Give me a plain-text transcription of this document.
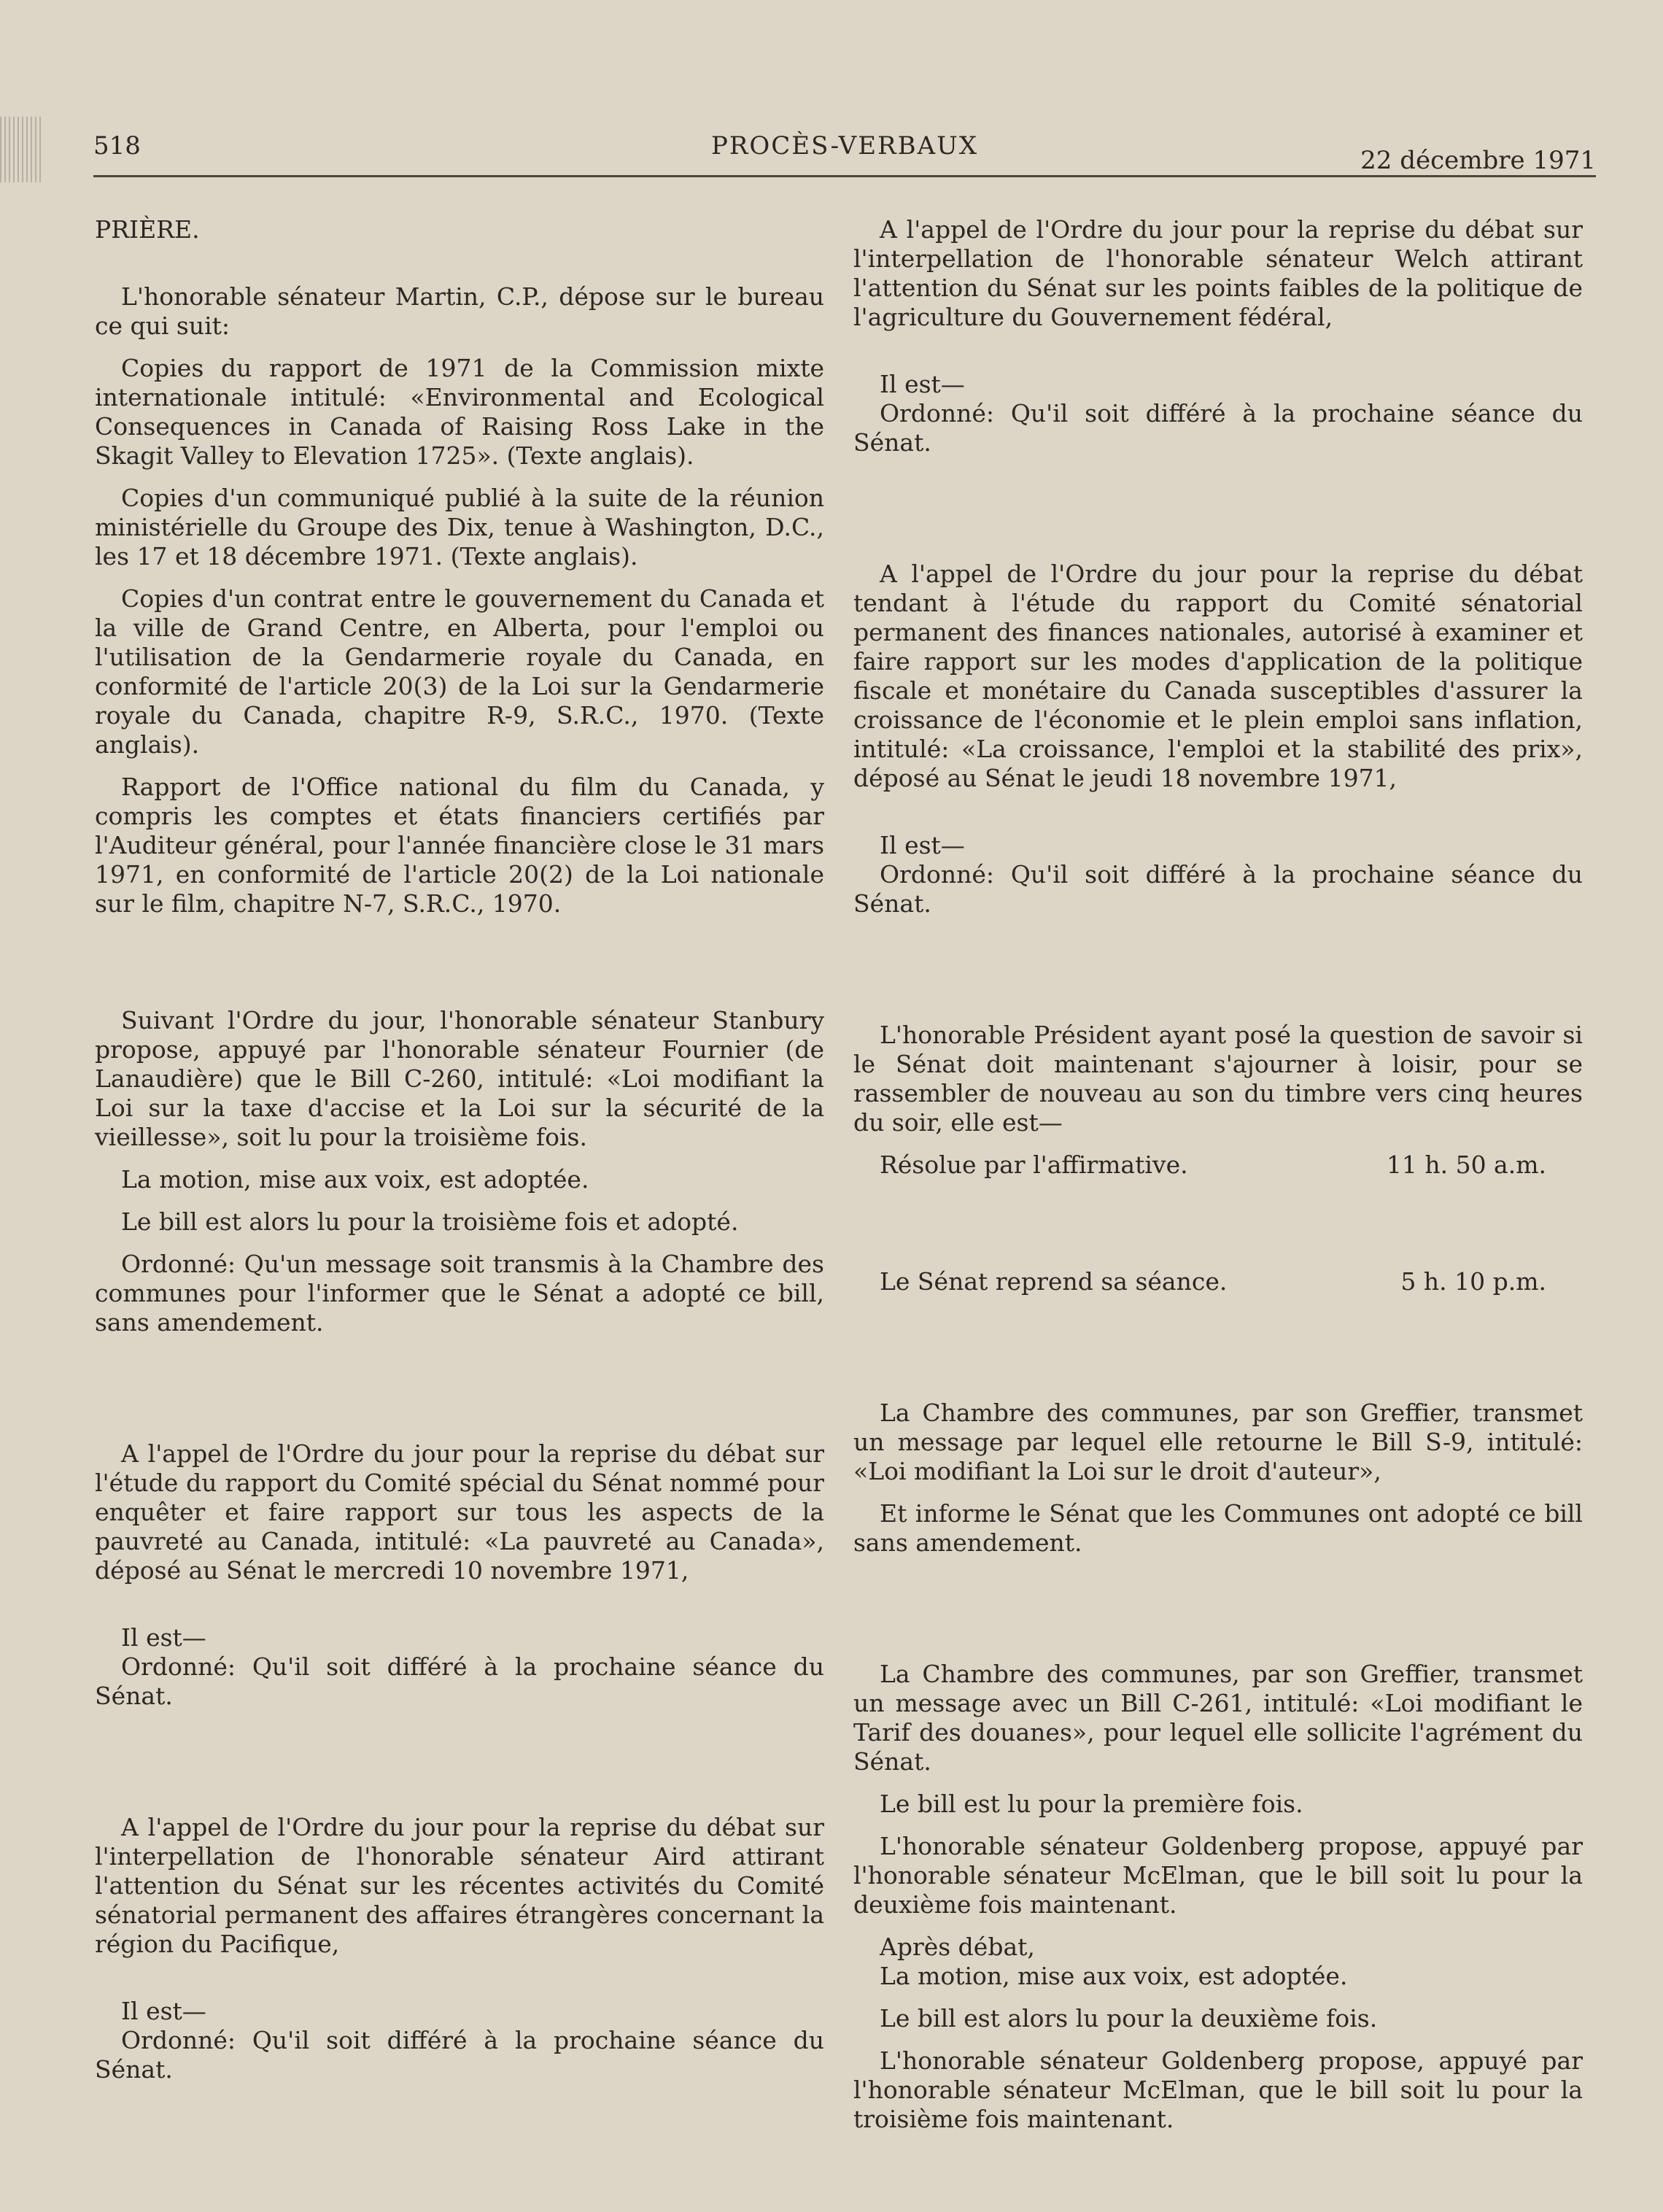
518	PROCÈS-VERBAUX	22 décembre 1971

PRIÈRE.

L'honorable sénateur Martin, C.P., dépose sur le bureau ce qui suit:

Copies du rapport de 1971 de la Commission mixte internationale intitulé: «Environmental and Ecological Consequences in Canada of Raising Ross Lake in the Skagit Valley to Elevation 1725». (Texte anglais).

Copies d'un communiqué publié à la suite de la réunion ministérielle du Groupe des Dix, tenue à Washington, D.C., les 17 et 18 décembre 1971. (Texte anglais).

Copies d'un contrat entre le gouvernement du Canada et la ville de Grand Centre, en Alberta, pour l'emploi ou l'utilisation de la Gendarmerie royale du Canada, en conformité de l'article 20(3) de la Loi sur la Gendarmerie royale du Canada, chapitre R-9, S.R.C., 1970. (Texte anglais).

Rapport de l'Office national du film du Canada, y compris les comptes et états financiers certifiés par l'Auditeur général, pour l'année financière close le 31 mars 1971, en conformité de l'article 20(2) de la Loi nationale sur le film, chapitre N-7, S.R.C., 1970.

Suivant l'Ordre du jour, l'honorable sénateur Stanbury propose, appuyé par l'honorable sénateur Fournier (de Lanaudière) que le Bill C-260, intitulé: «Loi modifiant la Loi sur la taxe d'accise et la Loi sur la sécurité de la vieillesse», soit lu pour la troisième fois.

La motion, mise aux voix, est adoptée.

Le bill est alors lu pour la troisième fois et adopté.

Ordonné: Qu'un message soit transmis à la Chambre des communes pour l'informer que le Sénat a adopté ce bill, sans amendement.

A l'appel de l'Ordre du jour pour la reprise du débat sur l'étude du rapport du Comité spécial du Sénat nommé pour enquêter et faire rapport sur tous les aspects de la pauvreté au Canada, intitulé: «La pauvreté au Canada», déposé au Sénat le mercredi 10 novembre 1971,

Il est—

Ordonné: Qu'il soit différé à la prochaine séance du Sénat.

A l'appel de l'Ordre du jour pour la reprise du débat sur l'interpellation de l'honorable sénateur Aird attirant l'attention du Sénat sur les récentes activités du Comité sénatorial permanent des affaires étrangères concernant la région du Pacifique,

Il est—

Ordonné: Qu'il soit différé à la prochaine séance du Sénat.

A l'appel de l'Ordre du jour pour la reprise du débat sur l'interpellation de l'honorable sénateur Welch attirant l'attention du Sénat sur les points faibles de la politique de l'agriculture du Gouvernement fédéral,

Il est—

Ordonné: Qu'il soit différé à la prochaine séance du Sénat.

A l'appel de l'Ordre du jour pour la reprise du débat tendant à l'étude du rapport du Comité sénatorial permanent des finances nationales, autorisé à examiner et faire rapport sur les modes d'application de la politique fiscale et monétaire du Canada susceptibles d'assurer la croissance de l'économie et le plein emploi sans inflation, intitulé: «La croissance, l'emploi et la stabilité des prix», déposé au Sénat le jeudi 18 novembre 1971,

Il est—

Ordonné: Qu'il soit différé à la prochaine séance du Sénat.

L'honorable Président ayant posé la question de savoir si le Sénat doit maintenant s'ajourner à loisir, pour se rassembler de nouveau au son du timbre vers cinq heures du soir, elle est—

Résolue par l'affirmative.	11 h. 50 a.m.
Le Sénat reprend sa séance.	5 h. 10 p.m.

La Chambre des communes, par son Greffier, transmet un message par lequel elle retourne le Bill S-9, intitulé: «Loi modifiant la Loi sur le droit d'auteur»,

Et informe le Sénat que les Communes ont adopté ce bill sans amendement.

La Chambre des communes, par son Greffier, transmet un message avec un Bill C-261, intitulé: «Loi modifiant le Tarif des douanes», pour lequel elle sollicite l'agrément du Sénat.

Le bill est lu pour la première fois.

L'honorable sénateur Goldenberg propose, appuyé par l'honorable sénateur McElman, que le bill soit lu pour la deuxième fois maintenant.

Après débat,

La motion, mise aux voix, est adoptée.

Le bill est alors lu pour la deuxième fois.

L'honorable sénateur Goldenberg propose, appuyé par l'honorable sénateur McElman, que le bill soit lu pour la troisième fois maintenant.
